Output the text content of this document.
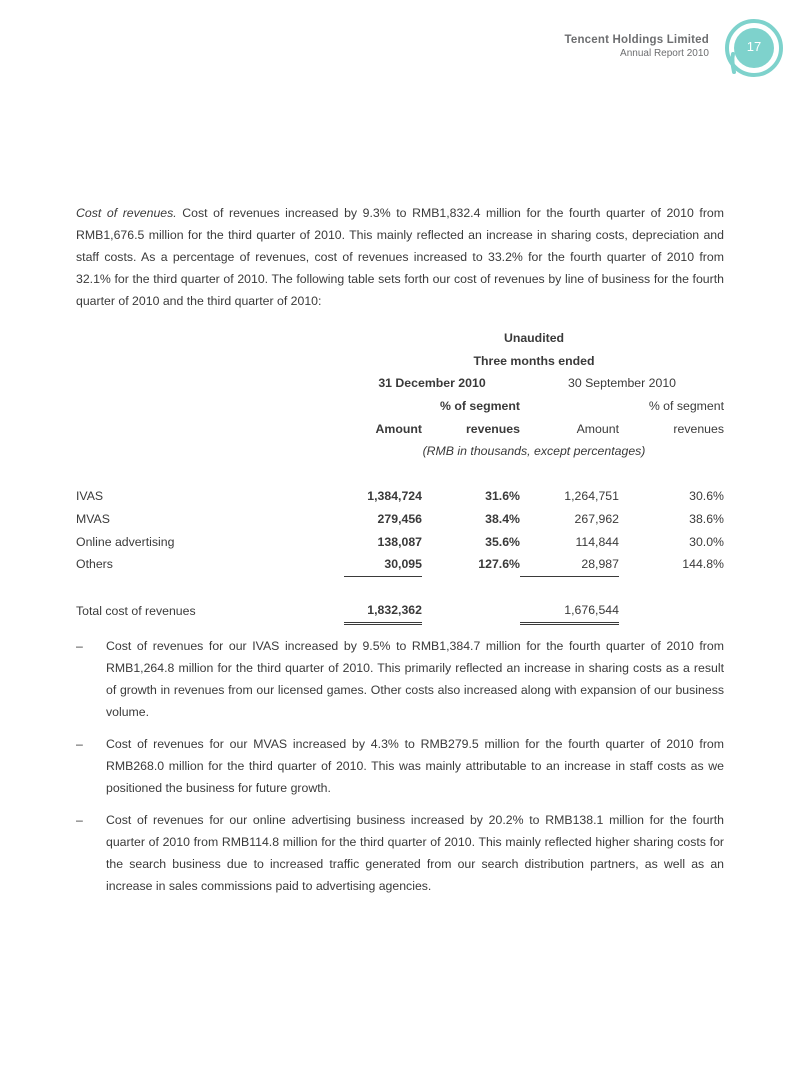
Tencent Holdings Limited
Annual Report 2010	17

Cost of revenues. Cost of revenues increased by 9.3% to RMB1,832.4 million for the fourth quarter of 2010 from RMB1,676.5 million for the third quarter of 2010. This mainly reflected an increase in sharing costs, depreciation and staff costs. As a percentage of revenues, cost of revenues increased to 33.2% for the fourth quarter of 2010 from 32.1% for the third quarter of 2010. The following table sets forth our cost of revenues by line of business for the fourth quarter of 2010 and the third quarter of 2010:

	Unaudited			
	Three months ended			
	31 December 2010		30 September 2010	
		% of segment		% of segment
	Amount	revenues	Amount	revenues
	(RMB in thousands, except percentages)			

IVAS	1,384,724	31.6%	1,264,751	30.6%
MVAS	279,456	38.4%	267,962	38.6%
Online advertising	138,087	35.6%	114,844	30.0%
Others	30,095	127.6%	28,987	144.8%

Total cost of revenues	1,832,362		1,676,544	
– Cost of revenues for our IVAS increased by 9.5% to RMB1,384.7 million for the fourth quarter of 2010 from RMB1,264.8 million for the third quarter of 2010. This primarily reflected an increase in sharing costs as a result of growth in revenues from our licensed games. Other costs also increased along with expansion of our business volume.
– Cost of revenues for our MVAS increased by 4.3% to RMB279.5 million for the fourth quarter of 2010 from RMB268.0 million for the third quarter of 2010. This was mainly attributable to an increase in staff costs as we positioned the business for future growth.
– Cost of revenues for our online advertising business increased by 20.2% to RMB138.1 million for the fourth quarter of 2010 from RMB114.8 million for the third quarter of 2010. This mainly reflected higher sharing costs for the search business due to increased traffic generated from our search distribution partners, as well as an increase in sales commissions paid to advertising agencies.
